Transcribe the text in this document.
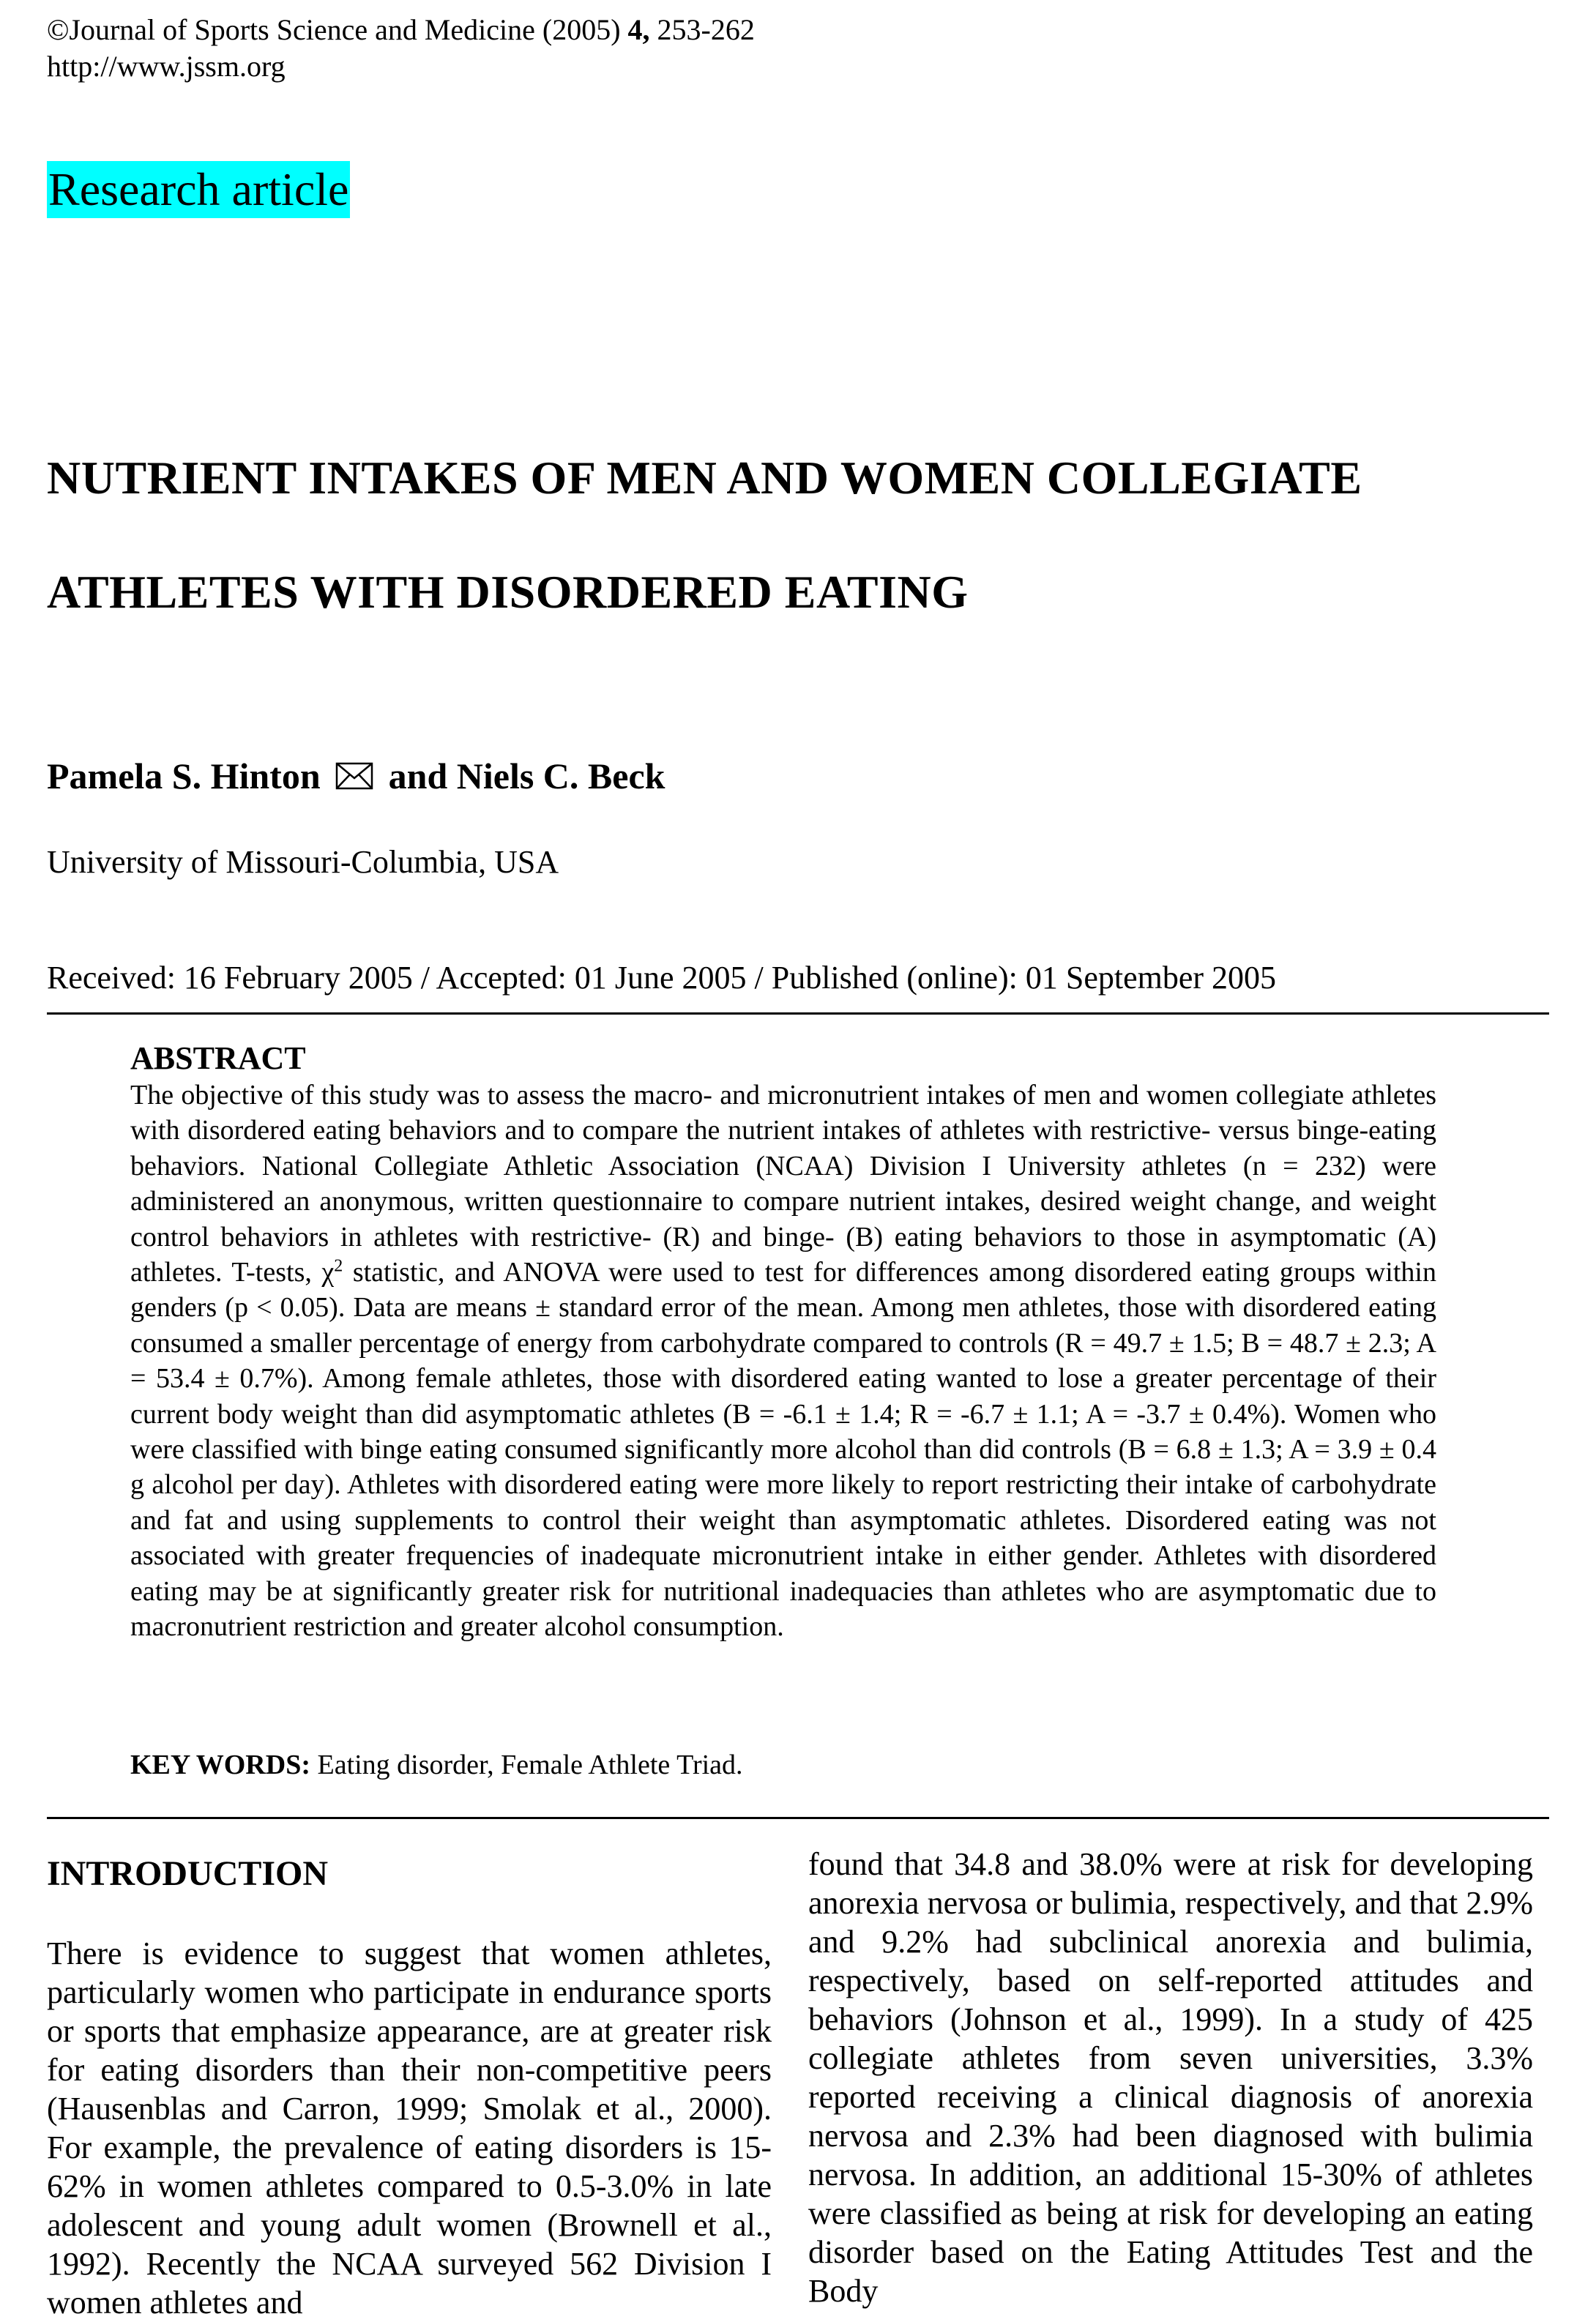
©Journal of Sports Science and Medicine (2005) 4, 253-262
http://www.jssm.org
Research article
NUTRIENT INTAKES OF MEN AND WOMEN COLLEGIATE
ATHLETES WITH DISORDERED EATING
Pamela S. Hinton and Niels C. Beck
University of Missouri-Columbia, USA
Received: 16 February 2005 / Accepted: 01 June 2005 / Published (online): 01 September 2005
ABSTRACT

The objective of this study was to assess the macro- and micronutrient intakes of men and women collegiate athletes with disordered eating behaviors and to compare the nutrient intakes of athletes with restrictive- versus binge-eating behaviors. National Collegiate Athletic Association (NCAA) Division I University athletes (n = 232) were administered an anonymous, written questionnaire to compare nutrient intakes, desired weight change, and weight control behaviors in athletes with restrictive- (R) and binge- (B) eating behaviors to those in asymptomatic (A) athletes. T-tests, $\chi^2$ statistic, and ANOVA were used to test for differences among disordered eating groups within genders (p < 0.05). Data are means ± standard error of the mean. Among men athletes, those with disordered eating consumed a smaller percentage of energy from carbohydrate compared to controls (R = 49.7 ± 1.5; B = 48.7 ± 2.3; A = 53.4 ± 0.7%). Among female athletes, those with disordered eating wanted to lose a greater percentage of their current body weight than did asymptomatic athletes (B = -6.1 ± 1.4; R = -6.7 ± 1.1; A = -3.7 ± 0.4%). Women who were classified with binge eating consumed significantly more alcohol than did controls (B = 6.8 ± 1.3; A = 3.9 ± 0.4 g alcohol per day). Athletes with disordered eating were more likely to report restricting their intake of carbohydrate and fat and using supplements to control their weight than asymptomatic athletes. Disordered eating was not associated with greater frequencies of inadequate micronutrient intake in either gender. Athletes with disordered eating may be at significantly greater risk for nutritional inadequacies than athletes who are asymptomatic due to macronutrient restriction and greater alcohol consumption.

KEY WORDS: Eating disorder, Female Athlete Triad.
INTRODUCTION

There is evidence to suggest that women athletes, particularly women who participate in endurance sports or sports that emphasize appearance, are at greater risk for eating disorders than their non-competitive peers (Hausenblas and Carron, 1999; Smolak et al., 2000). For example, the prevalence of eating disorders is 15-62% in women athletes compared to 0.5-3.0% in late adolescent and young adult women (Brownell et al., 1992). Recently the NCAA surveyed 562 Division I women athletes and

found that 34.8 and 38.0% were at risk for developing anorexia nervosa or bulimia, respectively, and that 2.9% and 9.2% had subclinical anorexia and bulimia, respectively, based on self-reported attitudes and behaviors (Johnson et al., 1999). In a study of 425 collegiate athletes from seven universities, 3.3% reported receiving a clinical diagnosis of anorexia nervosa and 2.3% had been diagnosed with bulimia nervosa. In addition, an additional 15-30% of athletes were classified as being at risk for developing an eating disorder based on the Eating Attitudes Test and the Body
